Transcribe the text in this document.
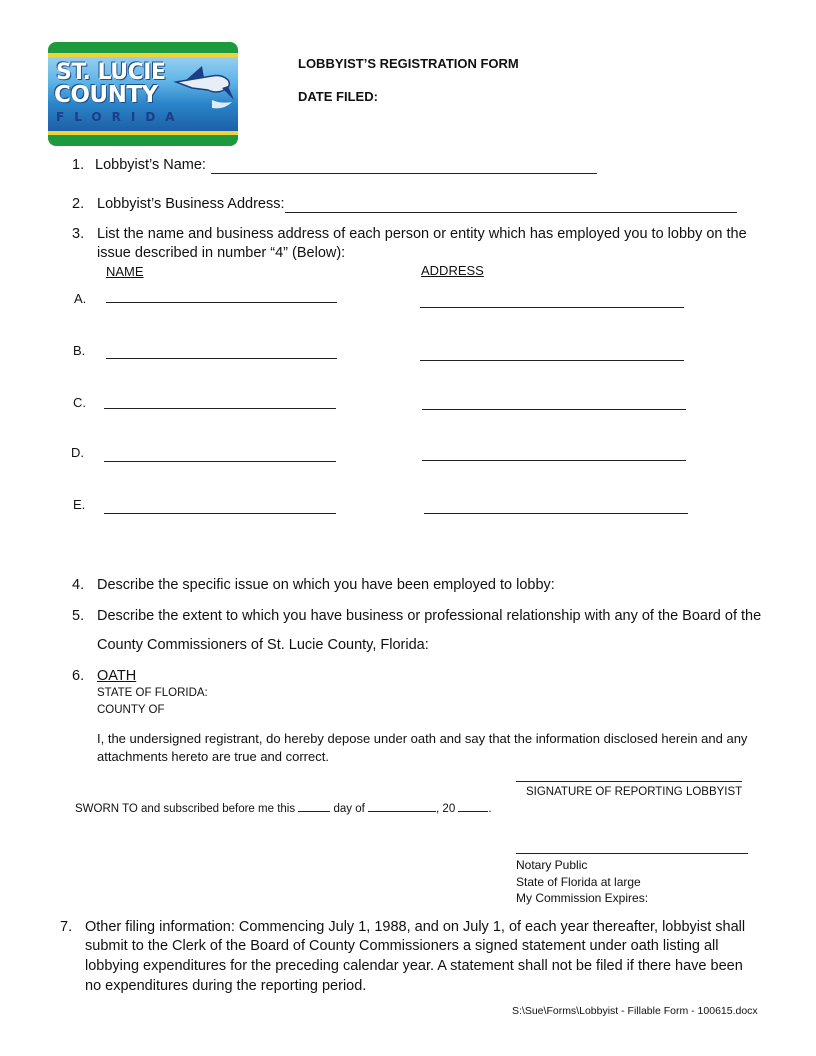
ST. LUCIE
COUNTY
FLORIDA
LOBBYIST’S REGISTRATION FORM
DATE FILED:
1. Lobbyist’s Name:
2. Lobbyist’s Business Address:
3. List the name and business address of each person or entity which has employed you to lobby on the
issue described in number “4” (Below):
NAME	ADDRESS
A.
B.
C.
D.
E.
4. Describe the specific issue on which you have been employed to lobby:
5. Describe the extent to which you have business or professional relationship with any of the Board of the
County Commissioners of St. Lucie County, Florida:
6. OATH
STATE OF FLORIDA:
COUNTY OF
I, the undersigned registrant, do hereby depose under oath and say that the information disclosed herein and any
attachments hereto are true and correct.
SIGNATURE OF REPORTING LOBBYIST
SWORN TO and subscribed before me this	day of	, 20	.
Notary Public
State of Florida at large
My Commission Expires:
7. Other filing information: Commencing July 1, 1988, and on July 1, of each year thereafter, lobbyist shall
submit to the Clerk of the Board of County Commissioners a signed statement under oath listing all
lobbying expenditures for the preceding calendar year. A statement shall not be filed if there have been
no expenditures during the reporting period.
S:\Sue\Forms\Lobbyist - Fillable Form - 100615.docx
